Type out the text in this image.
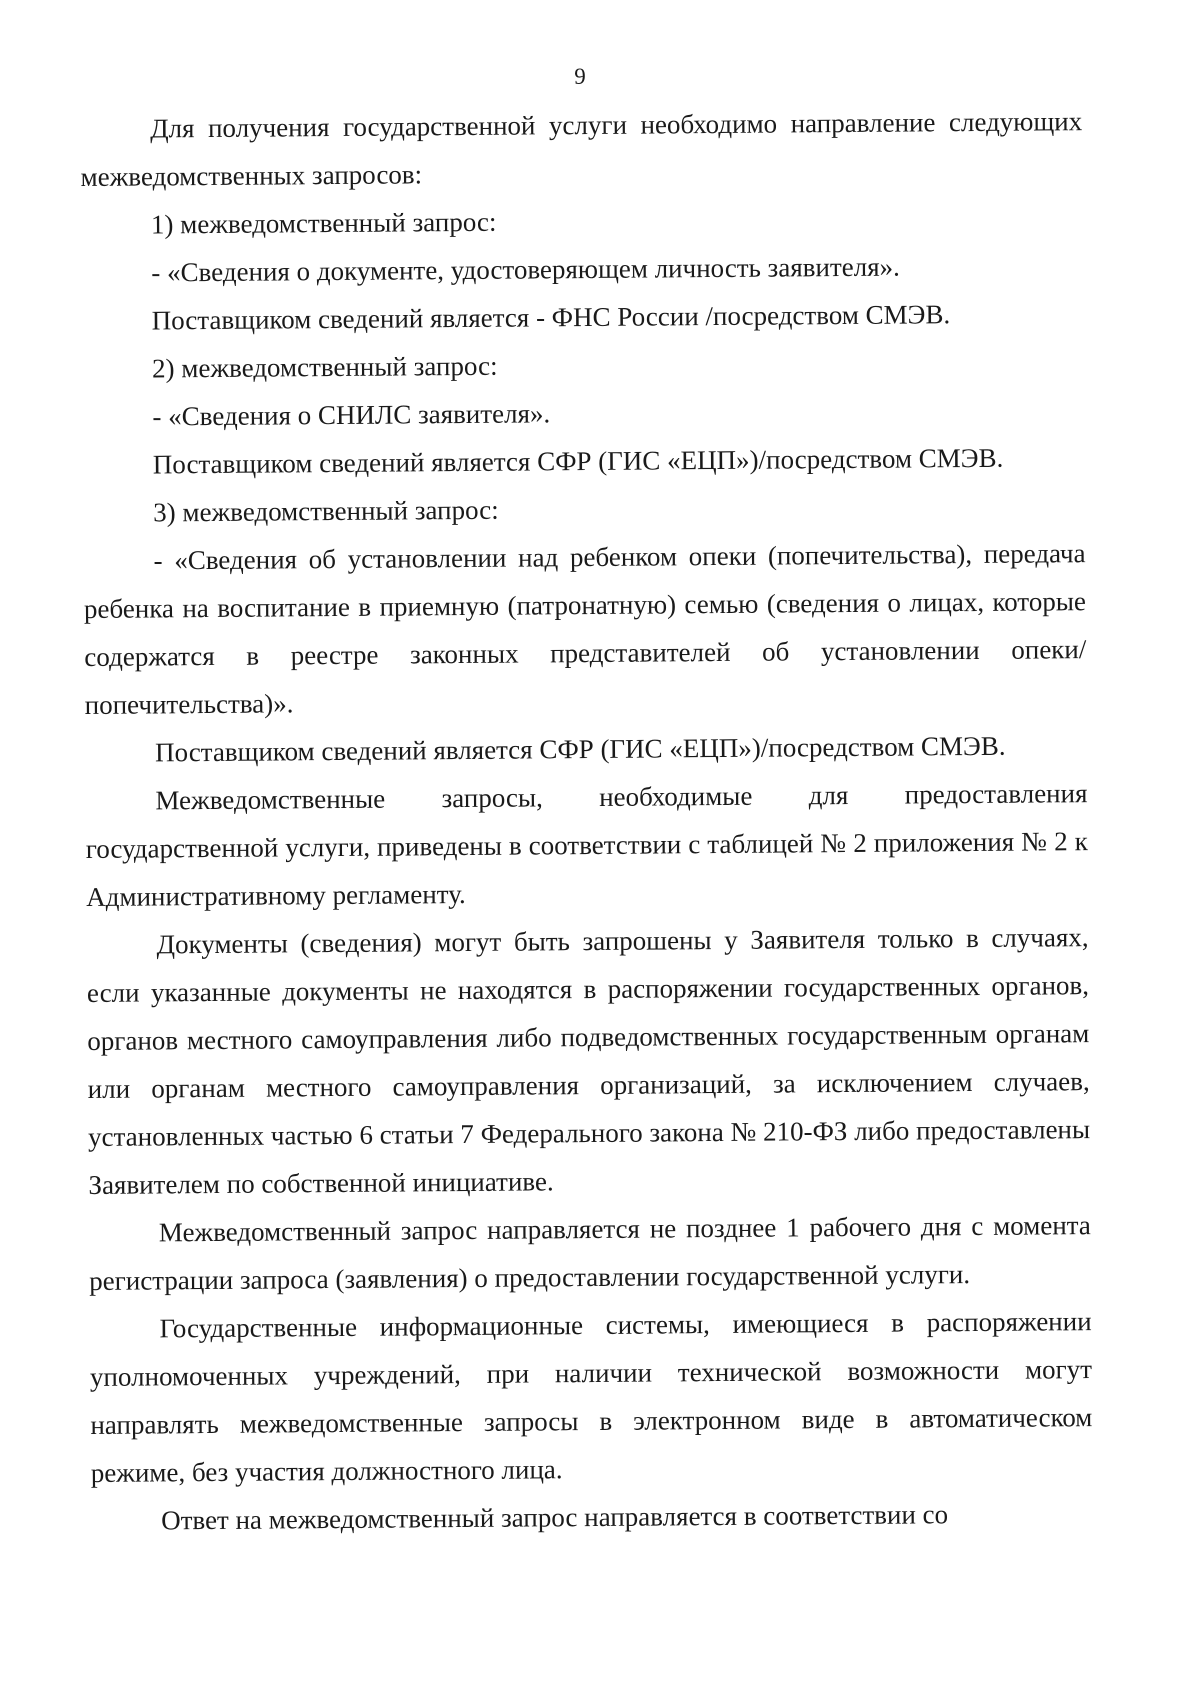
9

Для получения государственной услуги необходимо направление следующих межведомственных запросов:

1) межведомственный запрос:

- «Сведения о документе, удостоверяющем личность заявителя».

Поставщиком сведений является - ФНС России /посредством СМЭВ.

2) межведомственный запрос:

- «Сведения о СНИЛС заявителя».

Поставщиком сведений является СФР (ГИС «ЕЦП»)/посредством СМЭВ.

3) межведомственный запрос:

- «Сведения об установлении над ребенком опеки (попечительства), передача ребенка на воспитание в приемную (патронатную) семью (сведения о лицах, которые содержатся в реестре законных представителей об установлении опеки/попечительства)».

Поставщиком сведений является СФР (ГИС «ЕЦП»)/посредством СМЭВ.

Межведомственные запросы, необходимые для предоставления государственной услуги, приведены в соответствии с таблицей № 2 приложения № 2 к Административному регламенту.

Документы (сведения) могут быть запрошены у Заявителя только в случаях, если указанные документы не находятся в распоряжении государственных органов, органов местного самоуправления либо подведомственных государственным органам или органам местного самоуправления организаций, за исключением случаев, установленных частью 6 статьи 7 Федерального закона № 210-ФЗ либо предоставлены Заявителем по собственной инициативе.

Межведомственный запрос направляется не позднее 1 рабочего дня с момента регистрации запроса (заявления) о предоставлении государственной услуги.

Государственные информационные системы, имеющиеся в распоряжении уполномоченных учреждений, при наличии технической возможности могут направлять межведомственные запросы в электронном виде в автоматическом режиме, без участия должностного лица.

Ответ на межведомственный запрос направляется в соответствии со
